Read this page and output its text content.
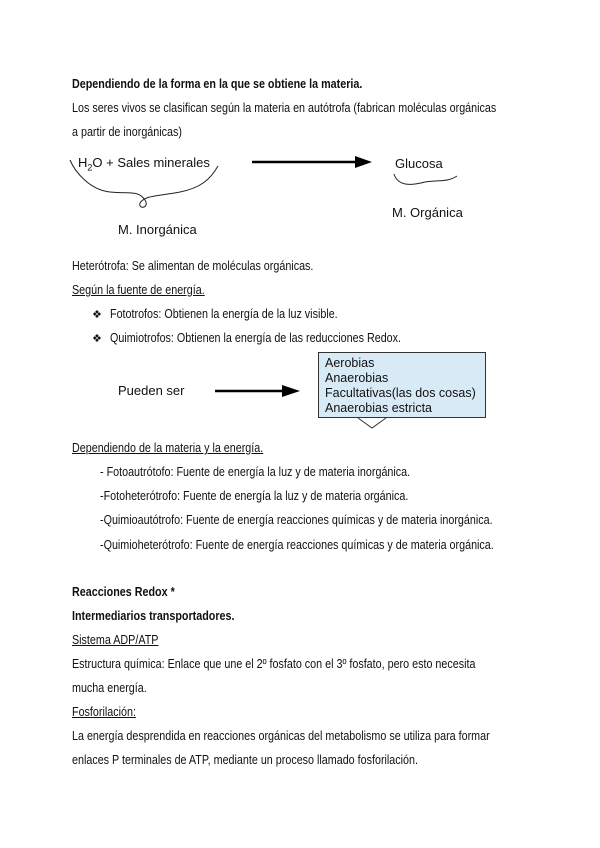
Dependiendo de la forma en la que se obtiene la materia.
Los seres vivos se clasifican según la materia en autótrofa (fabrican moléculas orgánicas
a partir de inorgánicas)
$H_2O$ + Sales minerales	Glucosa
M. Inorgánica
M. Orgánica
Heterótrofa: Se alimentan de moléculas orgánicas.
Según la fuente de energía.
❖ Fototrofos: Obtienen la energía de la luz visible.
❖ Quimiotrofos: Obtienen la energía de las reducciones Redox.
Pueden ser
Aerobias
Anaerobias
Facultativas(las dos cosas)
Anaerobias estricta
Dependiendo de la materia y la energía.
- Fotoautrótofo: Fuente de energía la luz y de materia inorgánica.
-Fotoheterótrofo: Fuente de energía la luz y de materia orgánica.
-Quimioautótrofo: Fuente de energía reacciones químicas y de materia inorgánica.
-Quimioheterótrofo: Fuente de energía reacciones químicas y de materia orgánica.
Reacciones Redox *
Intermediarios transportadores.
Sistema ADP/ATP
Estructura química: Enlace que une el 2º fosfato con el 3º fosfato, pero esto necesita
mucha energía.
Fosforilación:
La energía desprendida en reacciones orgánicas del metabolismo se utiliza para formar
enlaces P terminales de ATP, mediante un proceso llamado fosforilación.
